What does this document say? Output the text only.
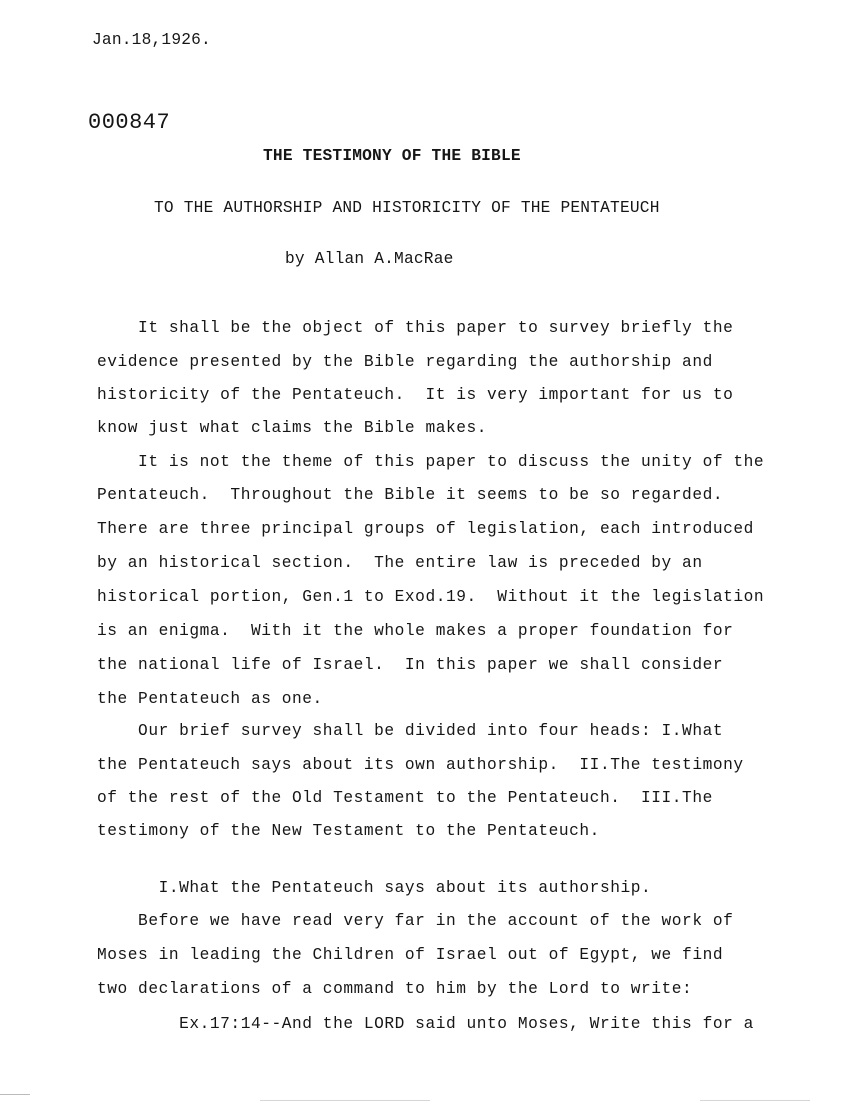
Jan.18,1926.
000847
THE TESTIMONY OF THE BIBLE
TO THE AUTHORSHIP AND HISTORICITY OF THE PENTATEUCH
by Allan A.MacRae
It shall be the object of this paper to survey briefly the
evidence presented by the Bible regarding the authorship and
historicity of the Pentateuch.  It is very important for us to
know just what claims the Bible makes.
It is not the theme of this paper to discuss the unity of the
Pentateuch.  Throughout the Bible it seems to be so regarded.
There are three principal groups of legislation, each introduced
by an historical section.  The entire law is preceded by an
historical portion, Gen.1 to Exod.19.  Without it the legislation
is an enigma.  With it the whole makes a proper foundation for
the national life of Israel.  In this paper we shall consider
the Pentateuch as one.
Our brief survey shall be divided into four heads: I.What
the Pentateuch says about its own authorship.  II.The testimony
of the rest of the Old Testament to the Pentateuch.  III.The
testimony of the New Testament to the Pentateuch.
I.What the Pentateuch says about its authorship.
Before we have read very far in the account of the work of
Moses in leading the Children of Israel out of Egypt, we find
two declarations of a command to him by the Lord to write:
Ex.17:14--And the LORD said unto Moses, Write this for a
